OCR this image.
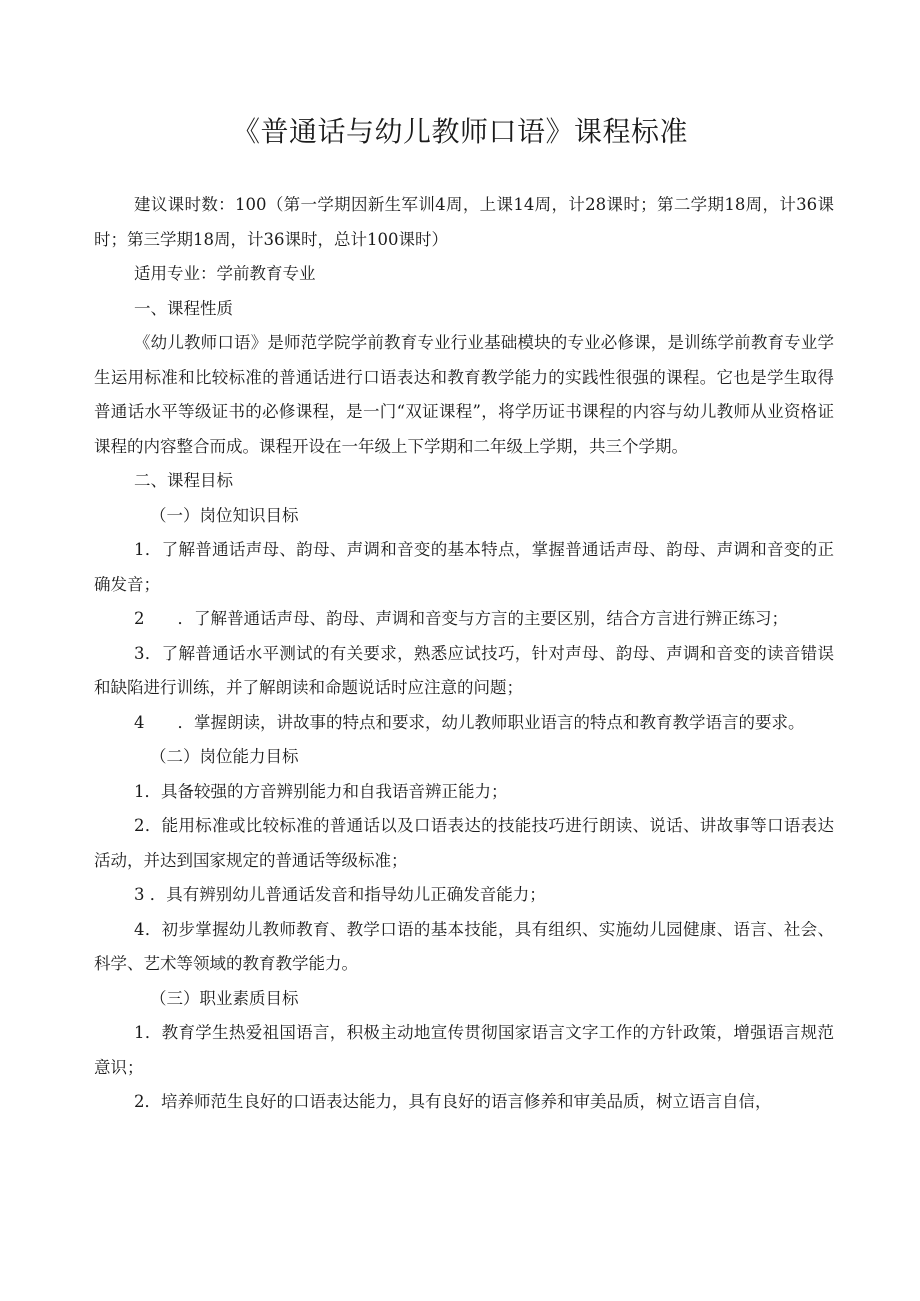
《普通话与幼儿教师口语》课程标准

建议课时数：100（第一学期因新生军训4周，上课14周，计28课时；第二学期18周，计36课时；第三学期18周，计36课时，总计100课时）

适用专业：学前教育专业

一、课程性质

《幼儿教师口语》是师范学院学前教育专业行业基础模块的专业必修课，是训练学前教育专业学生运用标准和比较标准的普通话进行口语表达和教育教学能力的实践性很强的课程。它也是学生取得普通话水平等级证书的必修课程，是一门“双证课程”，将学历证书课程的内容与幼儿教师从业资格证课程的内容整合而成。课程开设在一年级上下学期和二年级上学期，共三个学期。

二、课程目标

（一）岗位知识目标

1．了解普通话声母、韵母、声调和音变的基本特点，掌握普通话声母、韵母、声调和音变的正确发音；

2　　．了解普通话声母、韵母、声调和音变与方言的主要区别，结合方言进行辨正练习；

3．了解普通话水平测试的有关要求，熟悉应试技巧，针对声母、韵母、声调和音变的读音错误和缺陷进行训练，并了解朗读和命题说话时应注意的问题；

4　　．掌握朗读，讲故事的特点和要求，幼儿教师职业语言的特点和教育教学语言的要求。

（二）岗位能力目标

1．具备较强的方音辨别能力和自我语音辨正能力；

2．能用标准或比较标准的普通话以及口语表达的技能技巧进行朗读、说话、讲故事等口语表达活动，并达到国家规定的普通话等级标准；

3 ．具有辨别幼儿普通话发音和指导幼儿正确发音能力；

4．初步掌握幼儿教师教育、教学口语的基本技能，具有组织、实施幼儿园健康、语言、社会、科学、艺术等领域的教育教学能力。

（三）职业素质目标

1．教育学生热爱祖国语言，积极主动地宣传贯彻国家语言文字工作的方针政策，增强语言规范意识；

2．培养师范生良好的口语表达能力，具有良好的语言修养和审美品质，树立语言自信，
